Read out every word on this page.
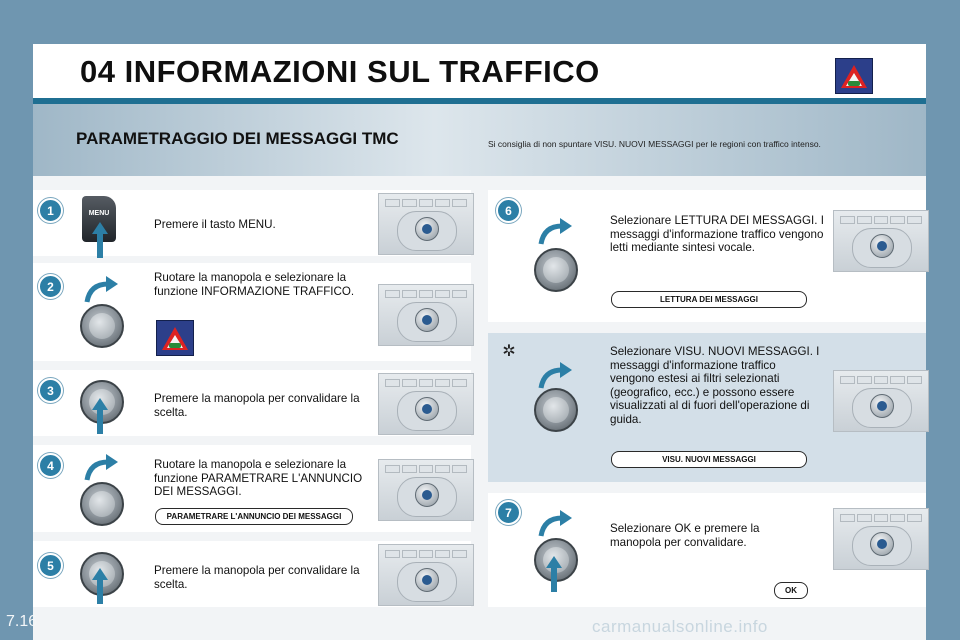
04 INFORMAZIONI SUL TRAFFICO
PARAMETRAGGIO DEI MESSAGGI TMC	Si consiglia di non spuntare VISU. NUOVI MESSAGGI per le regioni con traffico intenso.
1	MENU
Premere il tasto MENU.
2
Ruotare la manopola e selezionare la funzione INFORMAZIONE TRAFFICO.
3
Premere la manopola per convalidare la scelta.
4	Ruotare la manopola e selezionare la funzione PARAMETRARE L'ANNUNCIO DEI MESSAGGI.
PARAMETRARE L'ANNUNCIO DEI MESSAGGI
5	Premere la manopola per convalidare la scelta.
6
Selezionare LETTURA DEI MESSAGGI. I messaggi d'informazione traffico vengono letti mediante sintesi vocale.
LETTURA DEI MESSAGGI
✲	Selezionare VISU. NUOVI MESSAGGI. I messaggi d'informazione traffico vengono estesi ai filtri selezionati (geografico, ecc.) e possono essere visualizzati al di fuori dell'operazione di guida.
VISU. NUOVI MESSAGGI
7
Selezionare OK e premere la manopola per convalidare.
OK
7.16	carmanualsonline.info
